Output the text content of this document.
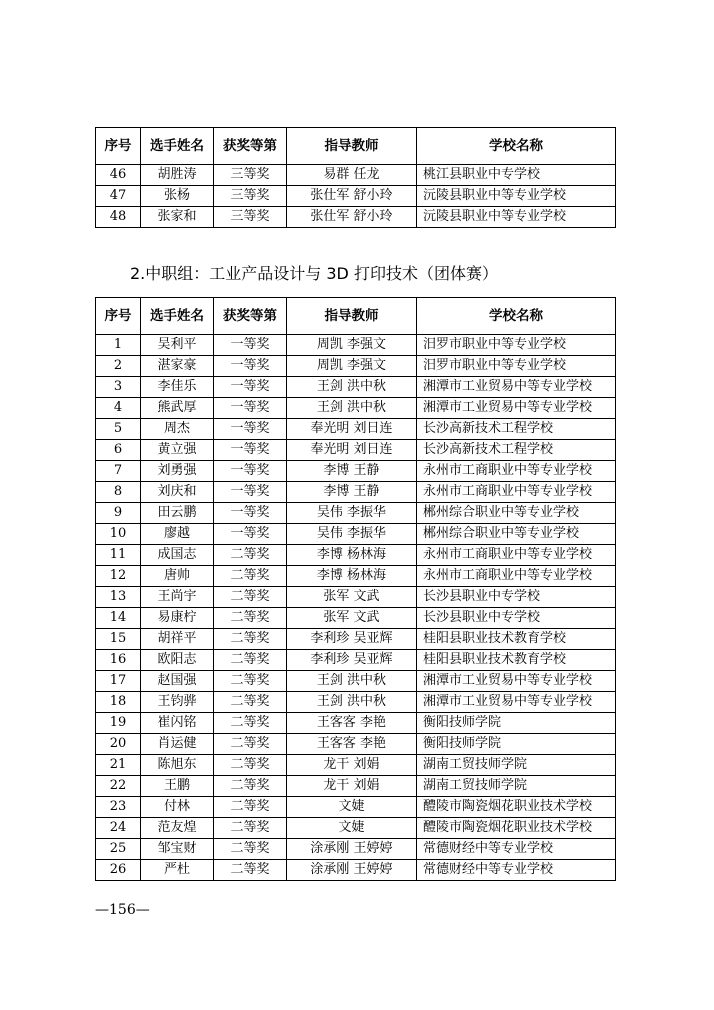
序号	选手姓名	获奖等第	指导教师	学校名称
46	胡胜涛	三等奖	易群 任龙	桃江县职业中专学校
47	张杨	三等奖	张仕军 舒小玲	沅陵县职业中等专业学校
48	张家和	三等奖	张仕军 舒小玲	沅陵县职业中等专业学校
2.中职组：工业产品设计与 3D 打印技术（团体赛）
序号	选手姓名	获奖等第	指导教师	学校名称
1	吴利平	一等奖	周凯 李强文	汨罗市职业中等专业学校
2	湛家豪	一等奖	周凯 李强文	汨罗市职业中等专业学校
3	李佳乐	一等奖	王剑 洪中秋	湘潭市工业贸易中等专业学校
4	熊武厚	一等奖	王剑 洪中秋	湘潭市工业贸易中等专业学校
5	周杰	一等奖	奉光明 刘日连	长沙高新技术工程学校
6	黄立强	一等奖	奉光明 刘日连	长沙高新技术工程学校
7	刘勇强	一等奖	李博 王静	永州市工商职业中等专业学校
8	刘庆和	一等奖	李博 王静	永州市工商职业中等专业学校
9	田云鹏	一等奖	吴伟 李振华	郴州综合职业中等专业学校
10	廖越	一等奖	吴伟 李振华	郴州综合职业中等专业学校
11	成国志	二等奖	李博 杨林海	永州市工商职业中等专业学校
12	唐帅	二等奖	李博 杨林海	永州市工商职业中等专业学校
13	王尚宇	二等奖	张军 文武	长沙县职业中专学校
14	易康柠	二等奖	张军 文武	长沙县职业中专学校
15	胡祥平	二等奖	李利珍 吴亚辉	桂阳县职业技术教育学校
16	欧阳志	二等奖	李利珍 吴亚辉	桂阳县职业技术教育学校
17	赵国强	二等奖	王剑 洪中秋	湘潭市工业贸易中等专业学校
18	王钧骅	二等奖	王剑 洪中秋	湘潭市工业贸易中等专业学校
19	崔闪铭	二等奖	王客客 李艳	衡阳技师学院
20	肖运健	二等奖	王客客 李艳	衡阳技师学院
21	陈旭东	二等奖	龙干 刘娟	湖南工贸技师学院
22	王鹏	二等奖	龙干 刘娟	湖南工贸技师学院
23	付林	二等奖	文婕	醴陵市陶瓷烟花职业技术学校
24	范友煌	二等奖	文婕	醴陵市陶瓷烟花职业技术学校
25	邹宝财	二等奖	涂承刚 王婷婷	常德财经中等专业学校
26	严杜	二等奖	涂承刚 王婷婷	常德财经中等专业学校
—156—
